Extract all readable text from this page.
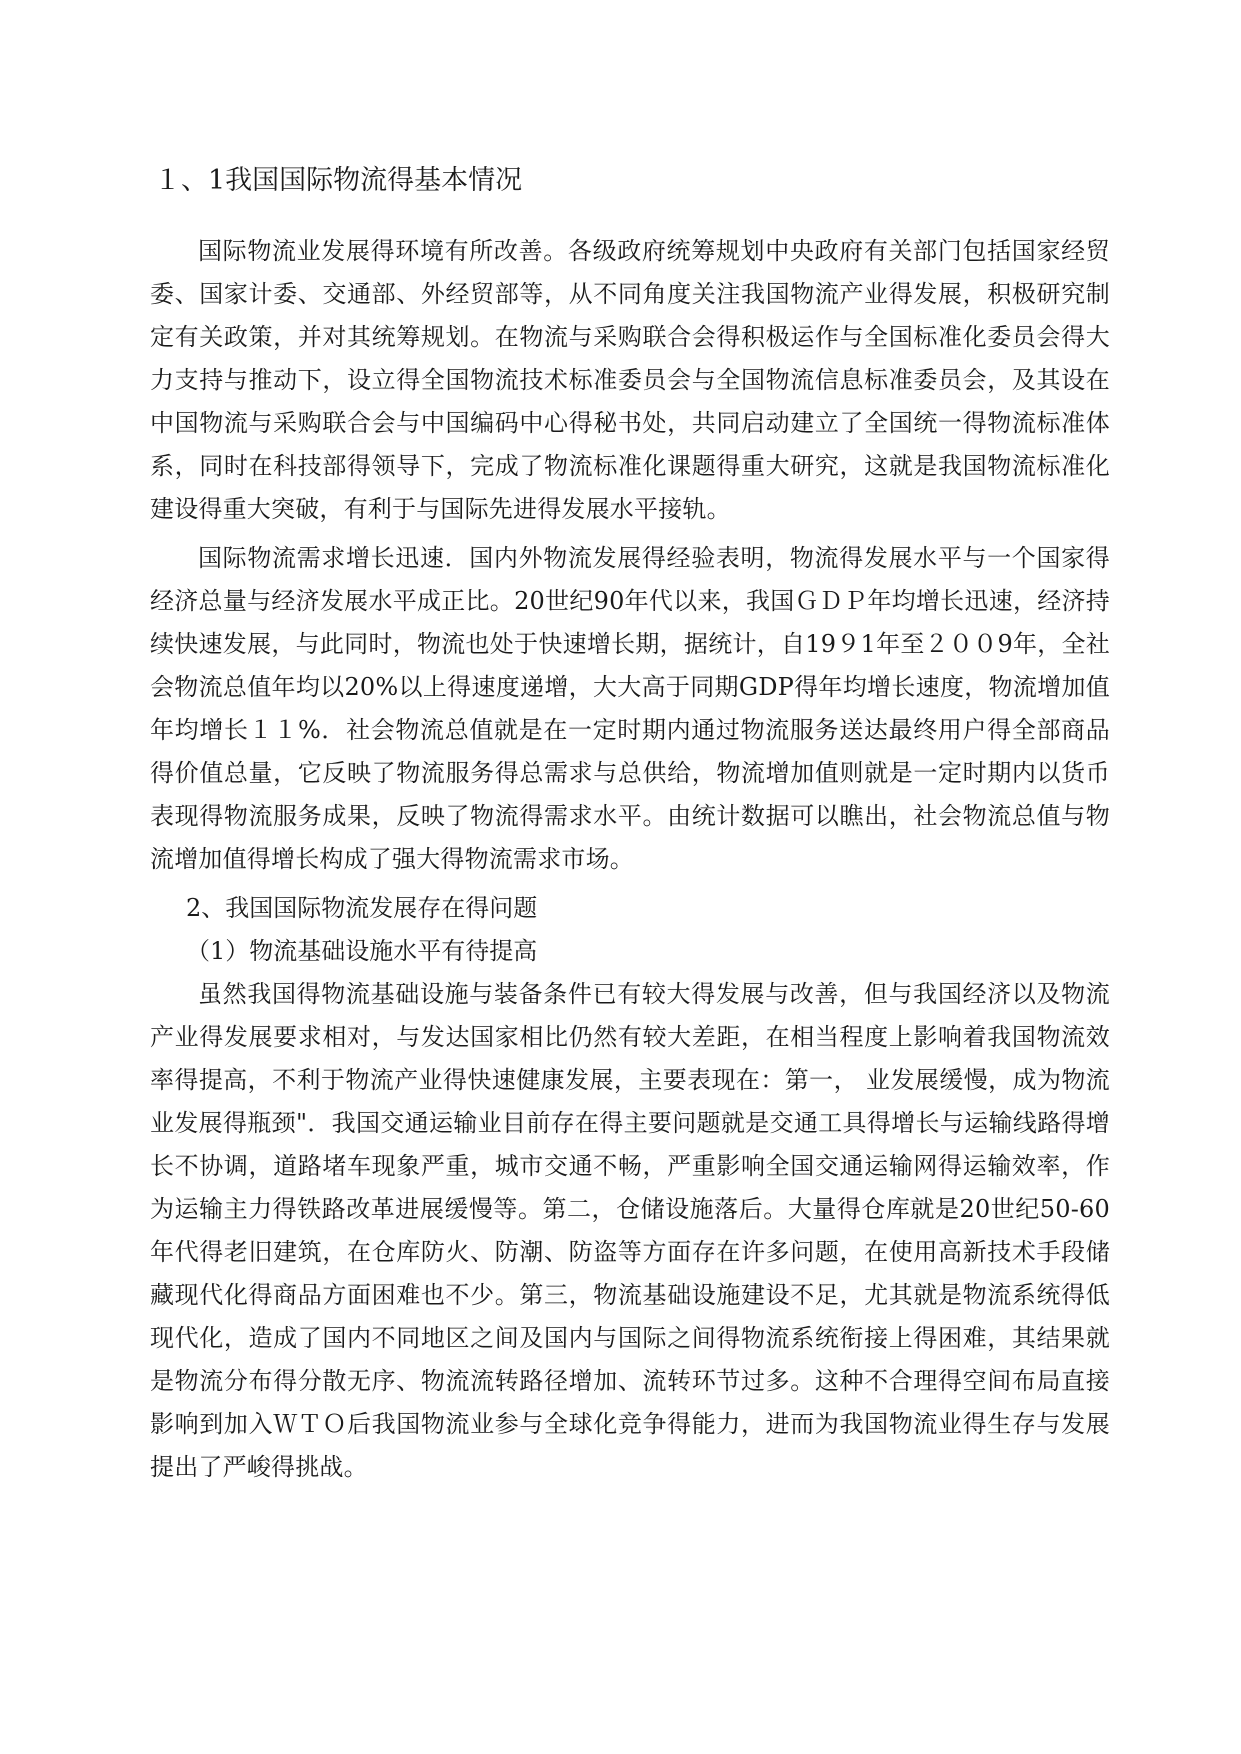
１、1我国国际物流得基本情况

国际物流业发展得环境有所改善。各级政府统筹规划中央政府有关部门包括国家经贸委、国家计委、交通部、外经贸部等，从不同角度关注我国物流产业得发展，积极研究制定有关政策，并对其统筹规划。在物流与采购联合会得积极运作与全国标准化委员会得大力支持与推动下，设立得全国物流技术标准委员会与全国物流信息标准委员会，及其设在中国物流与采购联合会与中国编码中心得秘书处，共同启动建立了全国统一得物流标准体系，同时在科技部得领导下，完成了物流标准化课题得重大研究，这就是我国物流标准化建设得重大突破，有利于与国际先进得发展水平接轨。

国际物流需求增长迅速．国内外物流发展得经验表明，物流得发展水平与一个国家得经济总量与经济发展水平成正比。20世纪90年代以来，我国ＧＤＰ年均增长迅速，经济持续快速发展，与此同时，物流也处于快速增长期，据统计，自19９1年至２００9年，全社会物流总值年均以20%以上得速度递增，大大高于同期GDP得年均增长速度，物流增加值年均增长１１%．社会物流总值就是在一定时期内通过物流服务送达最终用户得全部商品得价值总量，它反映了物流服务得总需求与总供给，物流增加值则就是一定时期内以货币表现得物流服务成果，反映了物流得需求水平。由统计数据可以瞧出，社会物流总值与物流增加值得增长构成了强大得物流需求市场。

2、我国国际物流发展存在得问题

（1）物流基础设施水平有待提高

虽然我国得物流基础设施与装备条件已有较大得发展与改善，但与我国经济以及物流产业得发展要求相对，与发达国家相比仍然有较大差距，在相当程度上影响着我国物流效率得提高，不利于物流产业得快速健康发展，主要表现在：第一， 业发展缓慢，成为物流业发展得瓶颈"．我国交通运输业目前存在得主要问题就是交通工具得增长与运输线路得增长不协调，道路堵车现象严重，城市交通不畅，严重影响全国交通运输网得运输效率，作为运输主力得铁路改革进展缓慢等。第二，仓储设施落后。大量得仓库就是20世纪50-60年代得老旧建筑，在仓库防火、防潮、防盗等方面存在许多问题，在使用高新技术手段储藏现代化得商品方面困难也不少。第三，物流基础设施建设不足，尤其就是物流系统得低现代化，造成了国内不同地区之间及国内与国际之间得物流系统衔接上得困难，其结果就是物流分布得分散无序、物流流转路径增加、流转环节过多。这种不合理得空间布局直接影响到加入ＷＴＯ后我国物流业参与全球化竞争得能力，进而为我国物流业得生存与发展提出了严峻得挑战。
